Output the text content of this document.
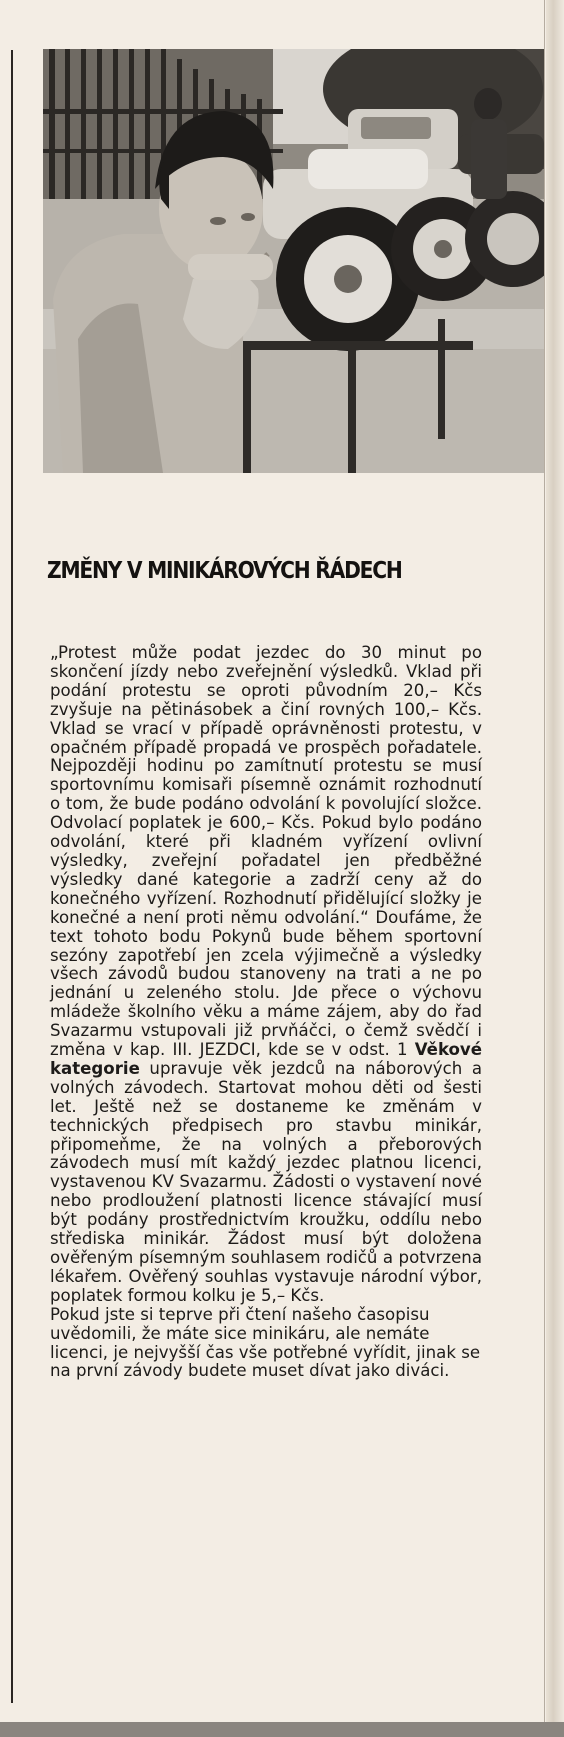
ZMĚNY V MINIKÁROVÝCH ŘÁDECH

„Protest může podat jezdec do 30 minut po skončení jízdy nebo zveřejnění výsledků. Vklad při podání protestu se oproti původním 20,– Kčs zvyšuje na pětinásobek a činí rovných 100,– Kčs. Vklad se vrací v případě oprávněnosti protestu, v opačném případě propadá ve prospěch pořadatele. Nejpozději hodinu po zamítnutí protestu se musí sportovnímu komisaři písemně oznámit rozhodnutí o tom, že bude podáno odvolání k povolující složce. Odvolací poplatek je 600,– Kčs. Pokud bylo podáno odvolání, které při kladném vyřízení ovlivní výsledky, zveřejní pořadatel jen předběžné výsledky dané kategorie a zadrží ceny až do konečného vyřízení. Rozhodnutí přidělující složky je konečné a není proti němu odvolání.“ Doufáme, že text tohoto bodu Pokynů bude během sportovní sezóny zapotřebí jen zcela výjimečně a výsledky všech závodů budou stanoveny na trati a ne po jednání u zeleného stolu. Jde přece o výchovu mládeže školního věku a máme zájem, aby do řad Svazarmu vstupovali již prvňáčci, o čemž svědčí i změna v kap. III. JEZDCI, kde se v odst. 1 Věkové kategorie upravuje věk jezdců na náborových a volných závodech. Startovat mohou děti od šesti let. Ještě než se dostaneme ke změnám v technických předpisech pro stavbu minikár, připomeňme, že na volných a přeborových závodech musí mít každý jezdec platnou licenci, vystavenou KV Svazarmu. Žádosti o vystavení nové nebo prodloužení platnosti licence stávající musí být podány prostřednictvím kroužku, oddílu nebo střediska minikár. Žádost musí být doložena ověřeným písemným souhlasem rodičů a potvrzena lékařem. Ověřený souhlas vystavuje národní výbor, poplatek formou kolku je 5,– Kčs.

Pokud jste si teprve při čtení našeho časopisu uvědomili, že máte sice minikáru, ale nemáte licenci, je nejvyšší čas vše potřebné vyřídit, jinak se na první závody budete muset dívat jako diváci.
